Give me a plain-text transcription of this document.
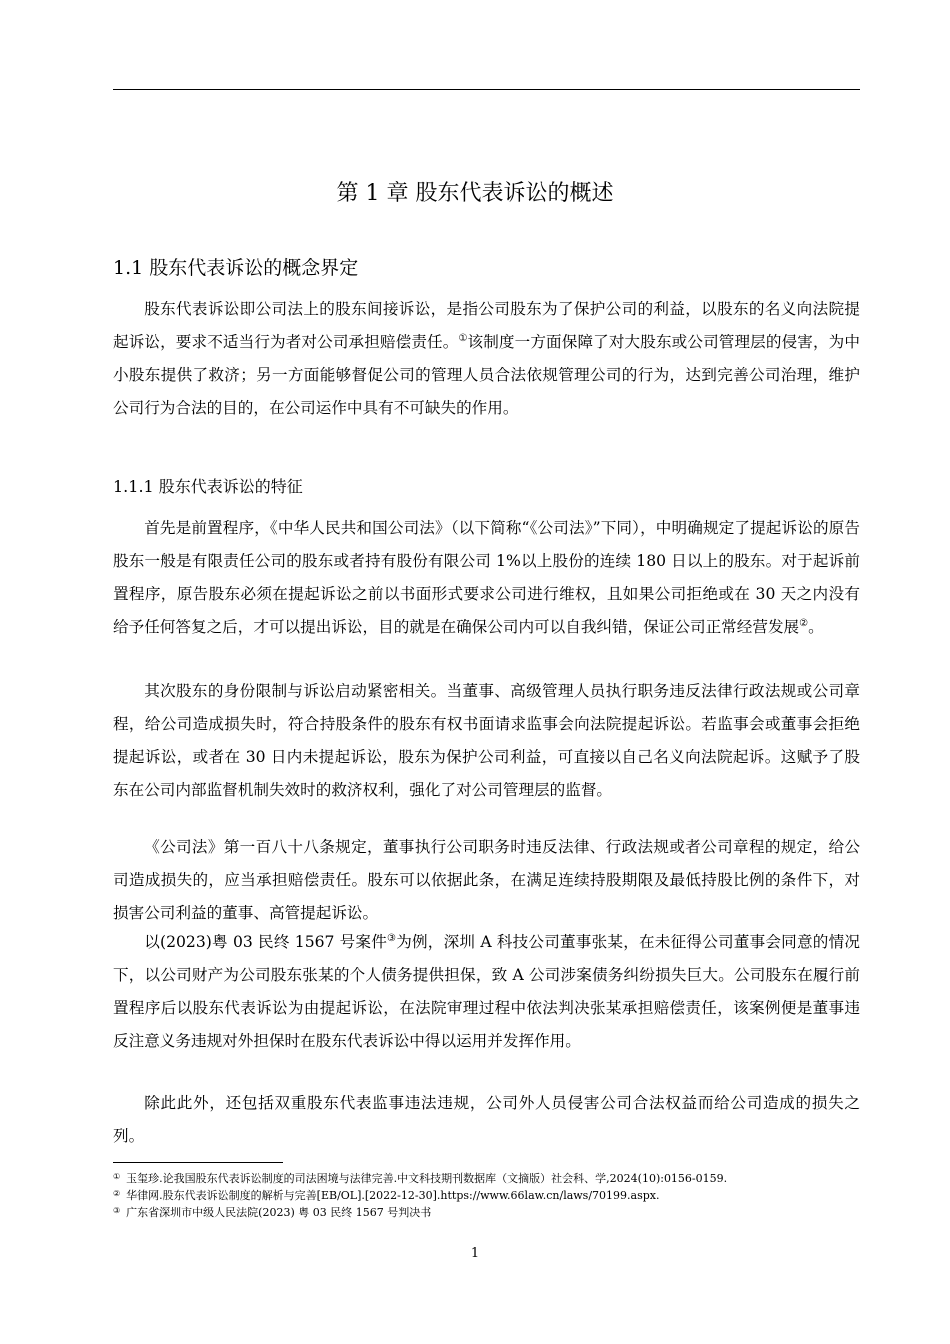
第 1 章 股东代表诉讼的概述
1.1 股东代表诉讼的概念界定

股东代表诉讼即公司法上的股东间接诉讼，是指公司股东为了保护公司的利益，以股东的名义向法院提起诉讼，要求不适当行为者对公司承担赔偿责任。①该制度一方面保障了对大股东或公司管理层的侵害，为中小股东提供了救济；另一方面能够督促公司的管理人员合法依规管理公司的行为，达到完善公司治理，维护公司行为合法的目的，在公司运作中具有不可缺失的作用。

1.1.1 股东代表诉讼的特征

首先是前置程序，《中华人民共和国公司法》（以下简称“《公司法》”下同），中明确规定了提起诉讼的原告股东一般是有限责任公司的股东或者持有股份有限公司 1%以上股份的连续 180 日以上的股东。对于起诉前置程序，原告股东必须在提起诉讼之前以书面形式要求公司进行维权，且如果公司拒绝或在 30 天之内没有给予任何答复之后，才可以提出诉讼，目的就是在确保公司内可以自我纠错，保证公司正常经营发展②。

其次股东的身份限制与诉讼启动紧密相关。当董事、高级管理人员执行职务违反法律行政法规或公司章程，给公司造成损失时，符合持股条件的股东有权书面请求监事会向法院提起诉讼。若监事会或董事会拒绝提起诉讼，或者在 30 日内未提起诉讼，股东为保护公司利益，可直接以自己名义向法院起诉。这赋予了股东在公司内部监督机制失效时的救济权利，强化了对公司管理层的监督。

《公司法》第一百八十八条规定，董事执行公司职务时违反法律、行政法规或者公司章程的规定，给公司造成损失的，应当承担赔偿责任。股东可以依据此条，在满足连续持股期限及最低持股比例的条件下，对损害公司利益的董事、高管提起诉讼。

以(2023)粤 03 民终 1567 号案件③为例，深圳 A 科技公司董事张某，在未征得公司董事会同意的情况下，以公司财产为公司股东张某的个人债务提供担保，致 A 公司涉案债务纠纷损失巨大。公司股东在履行前置程序后以股东代表诉讼为由提起诉讼，在法院审理过程中依法判决张某承担赔偿责任，该案例便是董事违反注意义务违规对外担保时在股东代表诉讼中得以运用并发挥作用。

除此此外，还包括双重股东代表监事违法违规，公司外人员侵害公司合法权益而给公司造成的损失之列。

① 玉玺珍.论我国股东代表诉讼制度的司法困境与法律完善.中文科技期刊数据库（文摘版）社会科、学,2024(10):0156-0159.

② 华律网.股东代表诉讼制度的解析与完善[EB/OL].[2022-12-30].https://www.66law.cn/laws/70199.aspx.

③ 广东省深圳市中级人民法院(2023) 粤 03 民终 1567 号判决书

1
